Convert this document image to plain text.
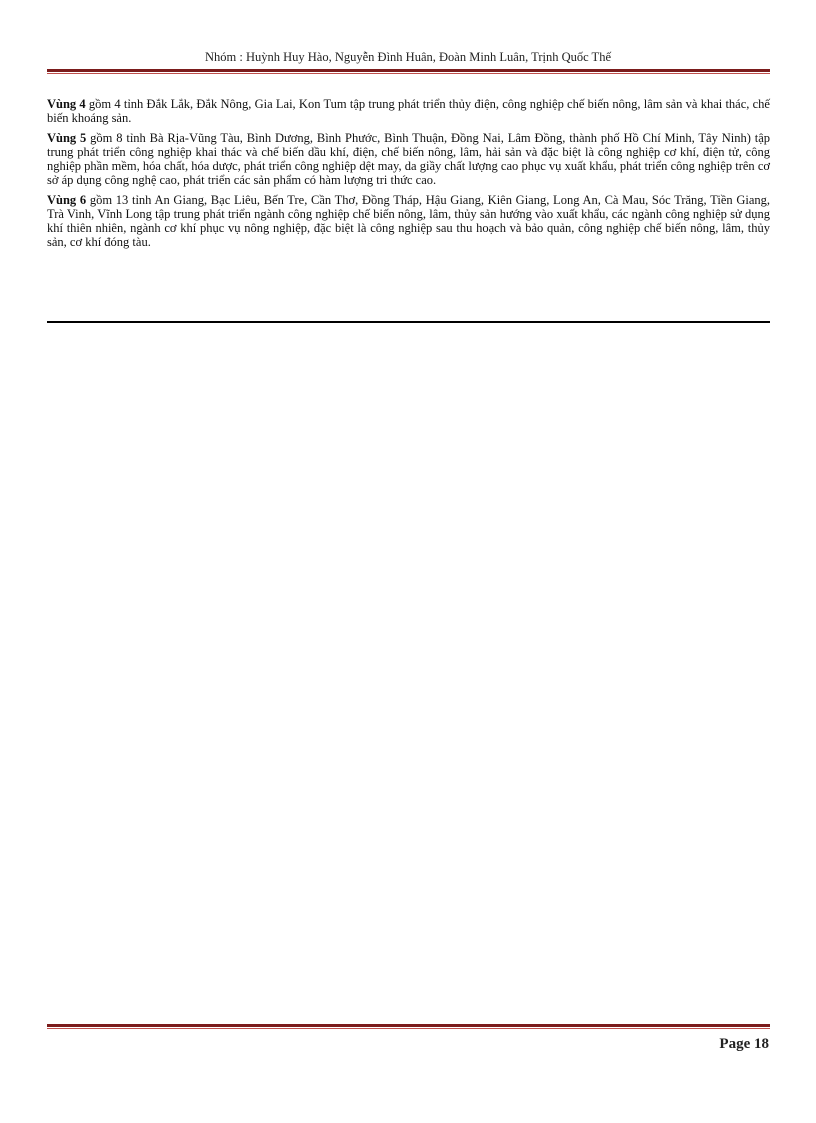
Nhóm : Huỳnh Huy Hào, Nguyễn Đình Huân, Đoàn Minh Luân, Trịnh Quốc Thế

Vùng 4 gồm 4 tỉnh Đắk Lắk, Đắk Nông, Gia Lai, Kon Tum tập trung phát triển thủy điện, công nghiệp chế biến nông, lâm sản và khai thác, chế biến khoáng sản.

Vùng 5 gồm 8 tỉnh Bà Rịa-Vũng Tàu, Bình Dương, Bình Phước, Bình Thuận, Đồng Nai, Lâm Đồng, thành phố Hồ Chí Minh, Tây Ninh) tập trung phát triển công nghiệp khai thác và chế biến dầu khí, điện, chế biến nông, lâm, hải sản và đặc biệt là công nghiệp cơ khí, điện tử, công nghiệp phần mềm, hóa chất, hóa dược, phát triển công nghiệp dệt may, da giầy chất lượng cao phục vụ xuất khẩu, phát triển công nghiệp trên cơ sở áp dụng công nghệ cao, phát triển các sản phẩm có hàm lượng tri thức cao.

Vùng 6 gồm 13 tỉnh An Giang, Bạc Liêu, Bến Tre, Cần Thơ, Đồng Tháp, Hậu Giang, Kiên Giang, Long An, Cà Mau, Sóc Trăng, Tiền Giang, Trà Vinh, Vĩnh Long tập trung phát triển ngành công nghiệp chế biến nông, lâm, thủy sản hướng vào xuất khẩu, các ngành công nghiệp sử dụng khí thiên nhiên, ngành cơ khí phục vụ nông nghiệp, đặc biệt là công nghiệp sau thu hoạch và bảo quản, công nghiệp chế biến nông, lâm, thủy sản, cơ khí đóng tàu.

Page 18
